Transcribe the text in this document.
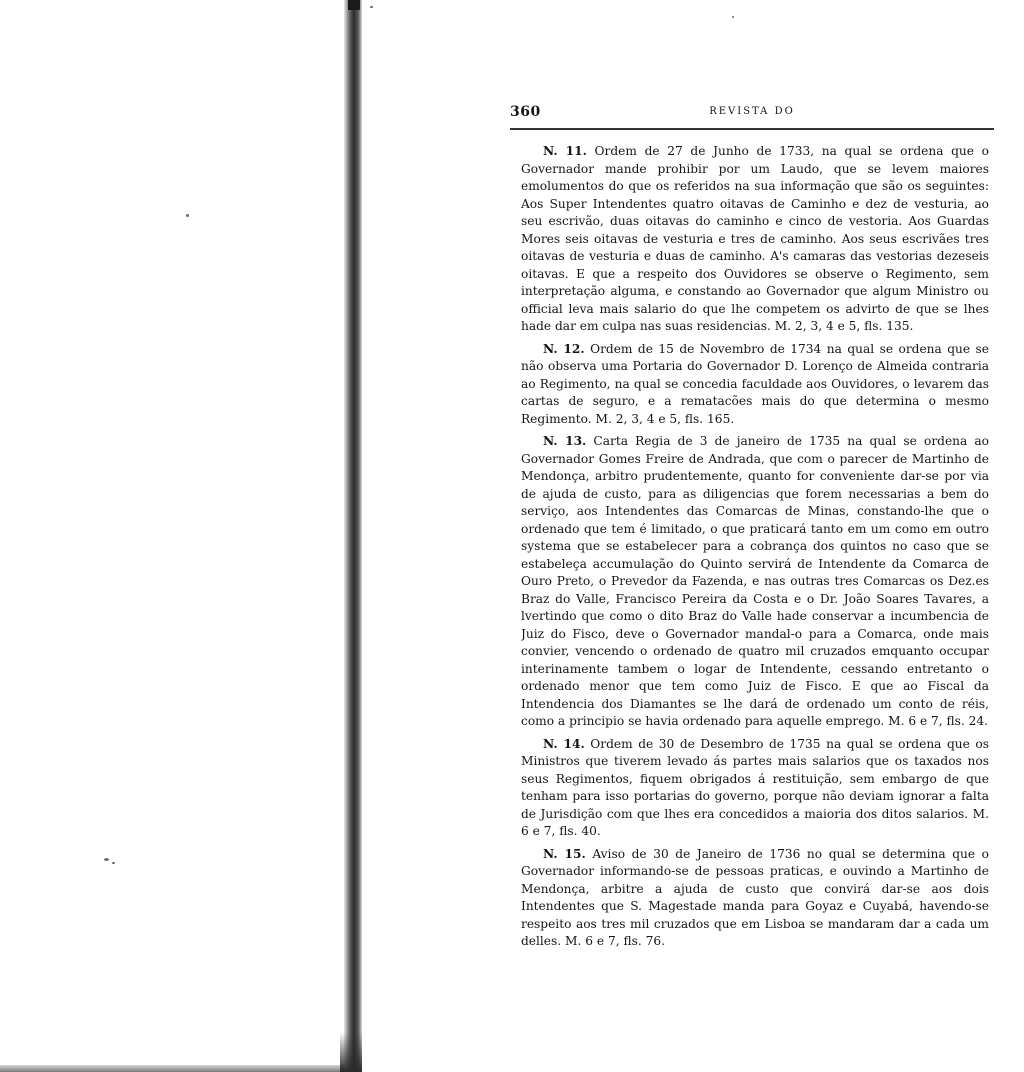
360	REVISTA DO

N. 11. Ordem de 27 de Junho de 1733, na qual se ordena que o Governador mande prohibir por um Laudo, que se levem maiores emolumentos do que os referidos na sua informação que são os seguintes: Aos Super Intendentes quatro oitavas de Caminho e dez de vesturia, ao seu escrivão, duas oitavas do caminho e cinco de vestoria. Aos Guardas Mores seis oitavas de vesturia e tres de caminho. Aos seus escrivães tres oitavas de vesturia e duas de caminho. A's camaras das vestorias dezeseis oitavas. E que a respeito dos Ouvidores se observe o Regimento, sem interpretação alguma, e constando ao Governador que algum Ministro ou official leva mais salario do que lhe competem os advirto de que se lhes hade dar em culpa nas suas residencias. M. 2, 3, 4 e 5, fls. 135.

N. 12. Ordem de 15 de Novembro de 1734 na qual se ordena que se não observa uma Portaria do Governador D. Lorenço de Almeida contraria ao Regimento, na qual se concedia faculdade aos Ouvidores, o levarem das cartas de seguro, e a rematacões mais do que determina o mesmo Regimento. M. 2, 3, 4 e 5, fls. 165.

N. 13. Carta Regia de 3 de janeiro de 1735 na qual se ordena ao Governador Gomes Freire de Andrada, que com o parecer de Martinho de Mendonça, arbitro prudentemente, quanto for conveniente dar-se por via de ajuda de custo, para as diligencias que forem necessarias a bem do serviço, aos Intendentes das Comarcas de Minas, constando-lhe que o ordenado que tem é limitado, o que praticará tanto em um como em outro systema que se estabelecer para a cobrança dos quintos no caso que se estabeleça accumulação do Quinto servirá de Intendente da Comarca de Ouro Preto, o Prevedor da Fazenda, e nas outras tres Comarcas os Dez.es Braz do Valle, Francisco Pereira da Costa e o Dr. João Soares Tavares, a lvertindo que como o dito Braz do Valle hade conservar a incumbencia de Juiz do Fisco, deve o Governador mandal-o para a Comarca, onde mais convier, vencendo o ordenado de quatro mil cruzados emquanto occupar interinamente tambem o logar de Intendente, cessando entretanto o ordenado menor que tem como Juiz de Fisco. E que ao Fiscal da Intendencia dos Diamantes se lhe dará de ordenado um conto de réis, como a principio se havia ordenado para aquelle emprego. M. 6 e 7, fls. 24.

N. 14. Ordem de 30 de Desembro de 1735 na qual se ordena que os Ministros que tiverem levado ás partes mais salarios que os taxados nos seus Regimentos, fiquem obrigados á restituição, sem embargo de que tenham para isso portarias do governo, porque não deviam ignorar a falta de Jurisdição com que lhes era concedidos a maioria dos ditos salarios. M. 6 e 7, fls. 40.

N. 15. Aviso de 30 de Janeiro de 1736 no qual se determina que o Governador informando-se de pessoas praticas, e ouvindo a Martinho de Mendonça, arbitre a ajuda de custo que convirá dar-se aos dois Intendentes que S. Magestade manda para Goyaz e Cuyabá, havendo-se respeito aos tres mil cruzados que em Lisboa se mandaram dar a cada um delles. M. 6 e 7, fls. 76.
